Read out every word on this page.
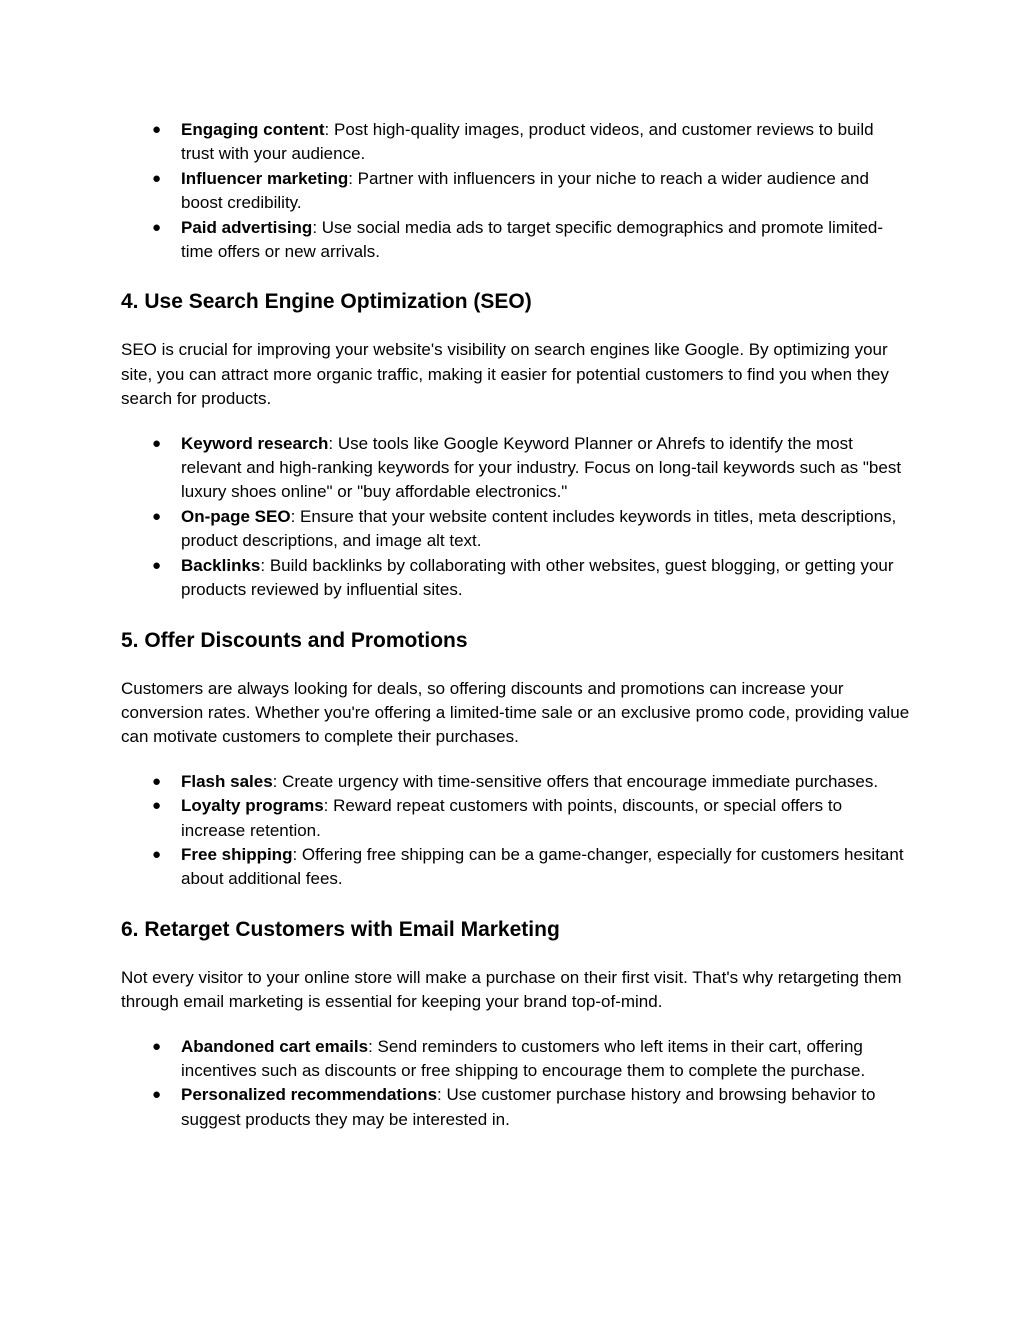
● Engaging content: Post high-quality images, product videos, and customer reviews to build trust with your audience.
● Influencer marketing: Partner with influencers in your niche to reach a wider audience and boost credibility.
● Paid advertising: Use social media ads to target specific demographics and promote limited-time offers or new arrivals.
4. Use Search Engine Optimization (SEO)

SEO is crucial for improving your website's visibility on search engines like Google. By optimizing your site, you can attract more organic traffic, making it easier for potential customers to find you when they search for products.

● Keyword research: Use tools like Google Keyword Planner or Ahrefs to identify the most relevant and high-ranking keywords for your industry. Focus on long-tail keywords such as "best luxury shoes online" or "buy affordable electronics."
● On-page SEO: Ensure that your website content includes keywords in titles, meta descriptions, product descriptions, and image alt text.
● Backlinks: Build backlinks by collaborating with other websites, guest blogging, or getting your products reviewed by influential sites.
5. Offer Discounts and Promotions

Customers are always looking for deals, so offering discounts and promotions can increase your conversion rates. Whether you're offering a limited-time sale or an exclusive promo code, providing value can motivate customers to complete their purchases.

● Flash sales: Create urgency with time-sensitive offers that encourage immediate purchases.
● Loyalty programs: Reward repeat customers with points, discounts, or special offers to increase retention.
● Free shipping: Offering free shipping can be a game-changer, especially for customers hesitant about additional fees.
6. Retarget Customers with Email Marketing

Not every visitor to your online store will make a purchase on their first visit. That's why retargeting them through email marketing is essential for keeping your brand top-of-mind.

● Abandoned cart emails: Send reminders to customers who left items in their cart, offering incentives such as discounts or free shipping to encourage them to complete the purchase.
● Personalized recommendations: Use customer purchase history and browsing behavior to suggest products they may be interested in.
